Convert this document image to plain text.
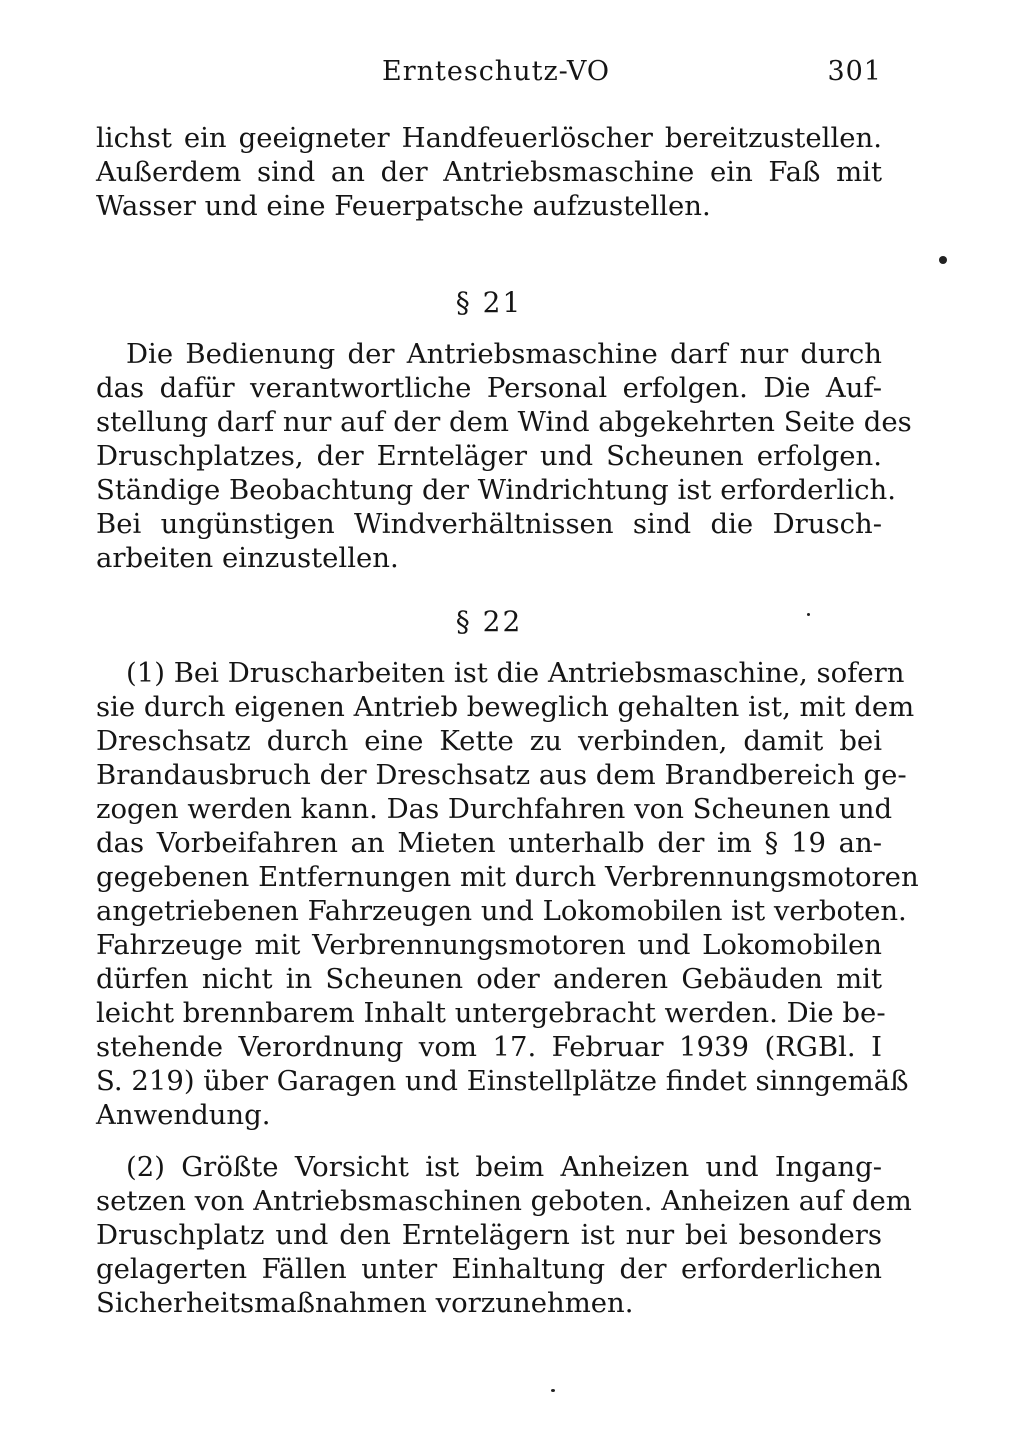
Ernteschutz-VO	301
lichst ein geeigneter Handfeuerlöscher bereitzustellen.
Außerdem sind an der Antriebsmaschine ein Faß mit
Wasser und eine Feuerpatsche aufzustellen.
§ 21
Die Bedienung der Antriebsmaschine darf nur durch
das dafür verantwortliche Personal erfolgen. Die Auf-
stellung darf nur auf der dem Wind abgekehrten Seite des
Druschplatzes, der Ernteläger und Scheunen erfolgen.
Ständige Beobachtung der Windrichtung ist erforderlich.
Bei ungünstigen Windverhältnissen sind die Drusch-
arbeiten einzustellen.
§ 22
(1) Bei Druscharbeiten ist die Antriebsmaschine, sofern
sie durch eigenen Antrieb beweglich gehalten ist, mit dem
Dreschsatz durch eine Kette zu verbinden, damit bei
Brandausbruch der Dreschsatz aus dem Brandbereich ge-
zogen werden kann. Das Durchfahren von Scheunen und
das Vorbeifahren an Mieten unterhalb der im § 19 an-
gegebenen Entfernungen mit durch Verbrennungsmotoren
angetriebenen Fahrzeugen und Lokomobilen ist verboten.
Fahrzeuge mit Verbrennungsmotoren und Lokomobilen
dürfen nicht in Scheunen oder anderen Gebäuden mit
leicht brennbarem Inhalt untergebracht werden. Die be-
stehende Verordnung vom 17. Februar 1939 (RGBl. I
S. 219) über Garagen und Einstellplätze findet sinngemäß
Anwendung.
(2) Größte Vorsicht ist beim Anheizen und Ingang-
setzen von Antriebsmaschinen geboten. Anheizen auf dem
Druschplatz und den Erntelägern ist nur bei besonders
gelagerten Fällen unter Einhaltung der erforderlichen
Sicherheitsmaßnahmen vorzunehmen.
